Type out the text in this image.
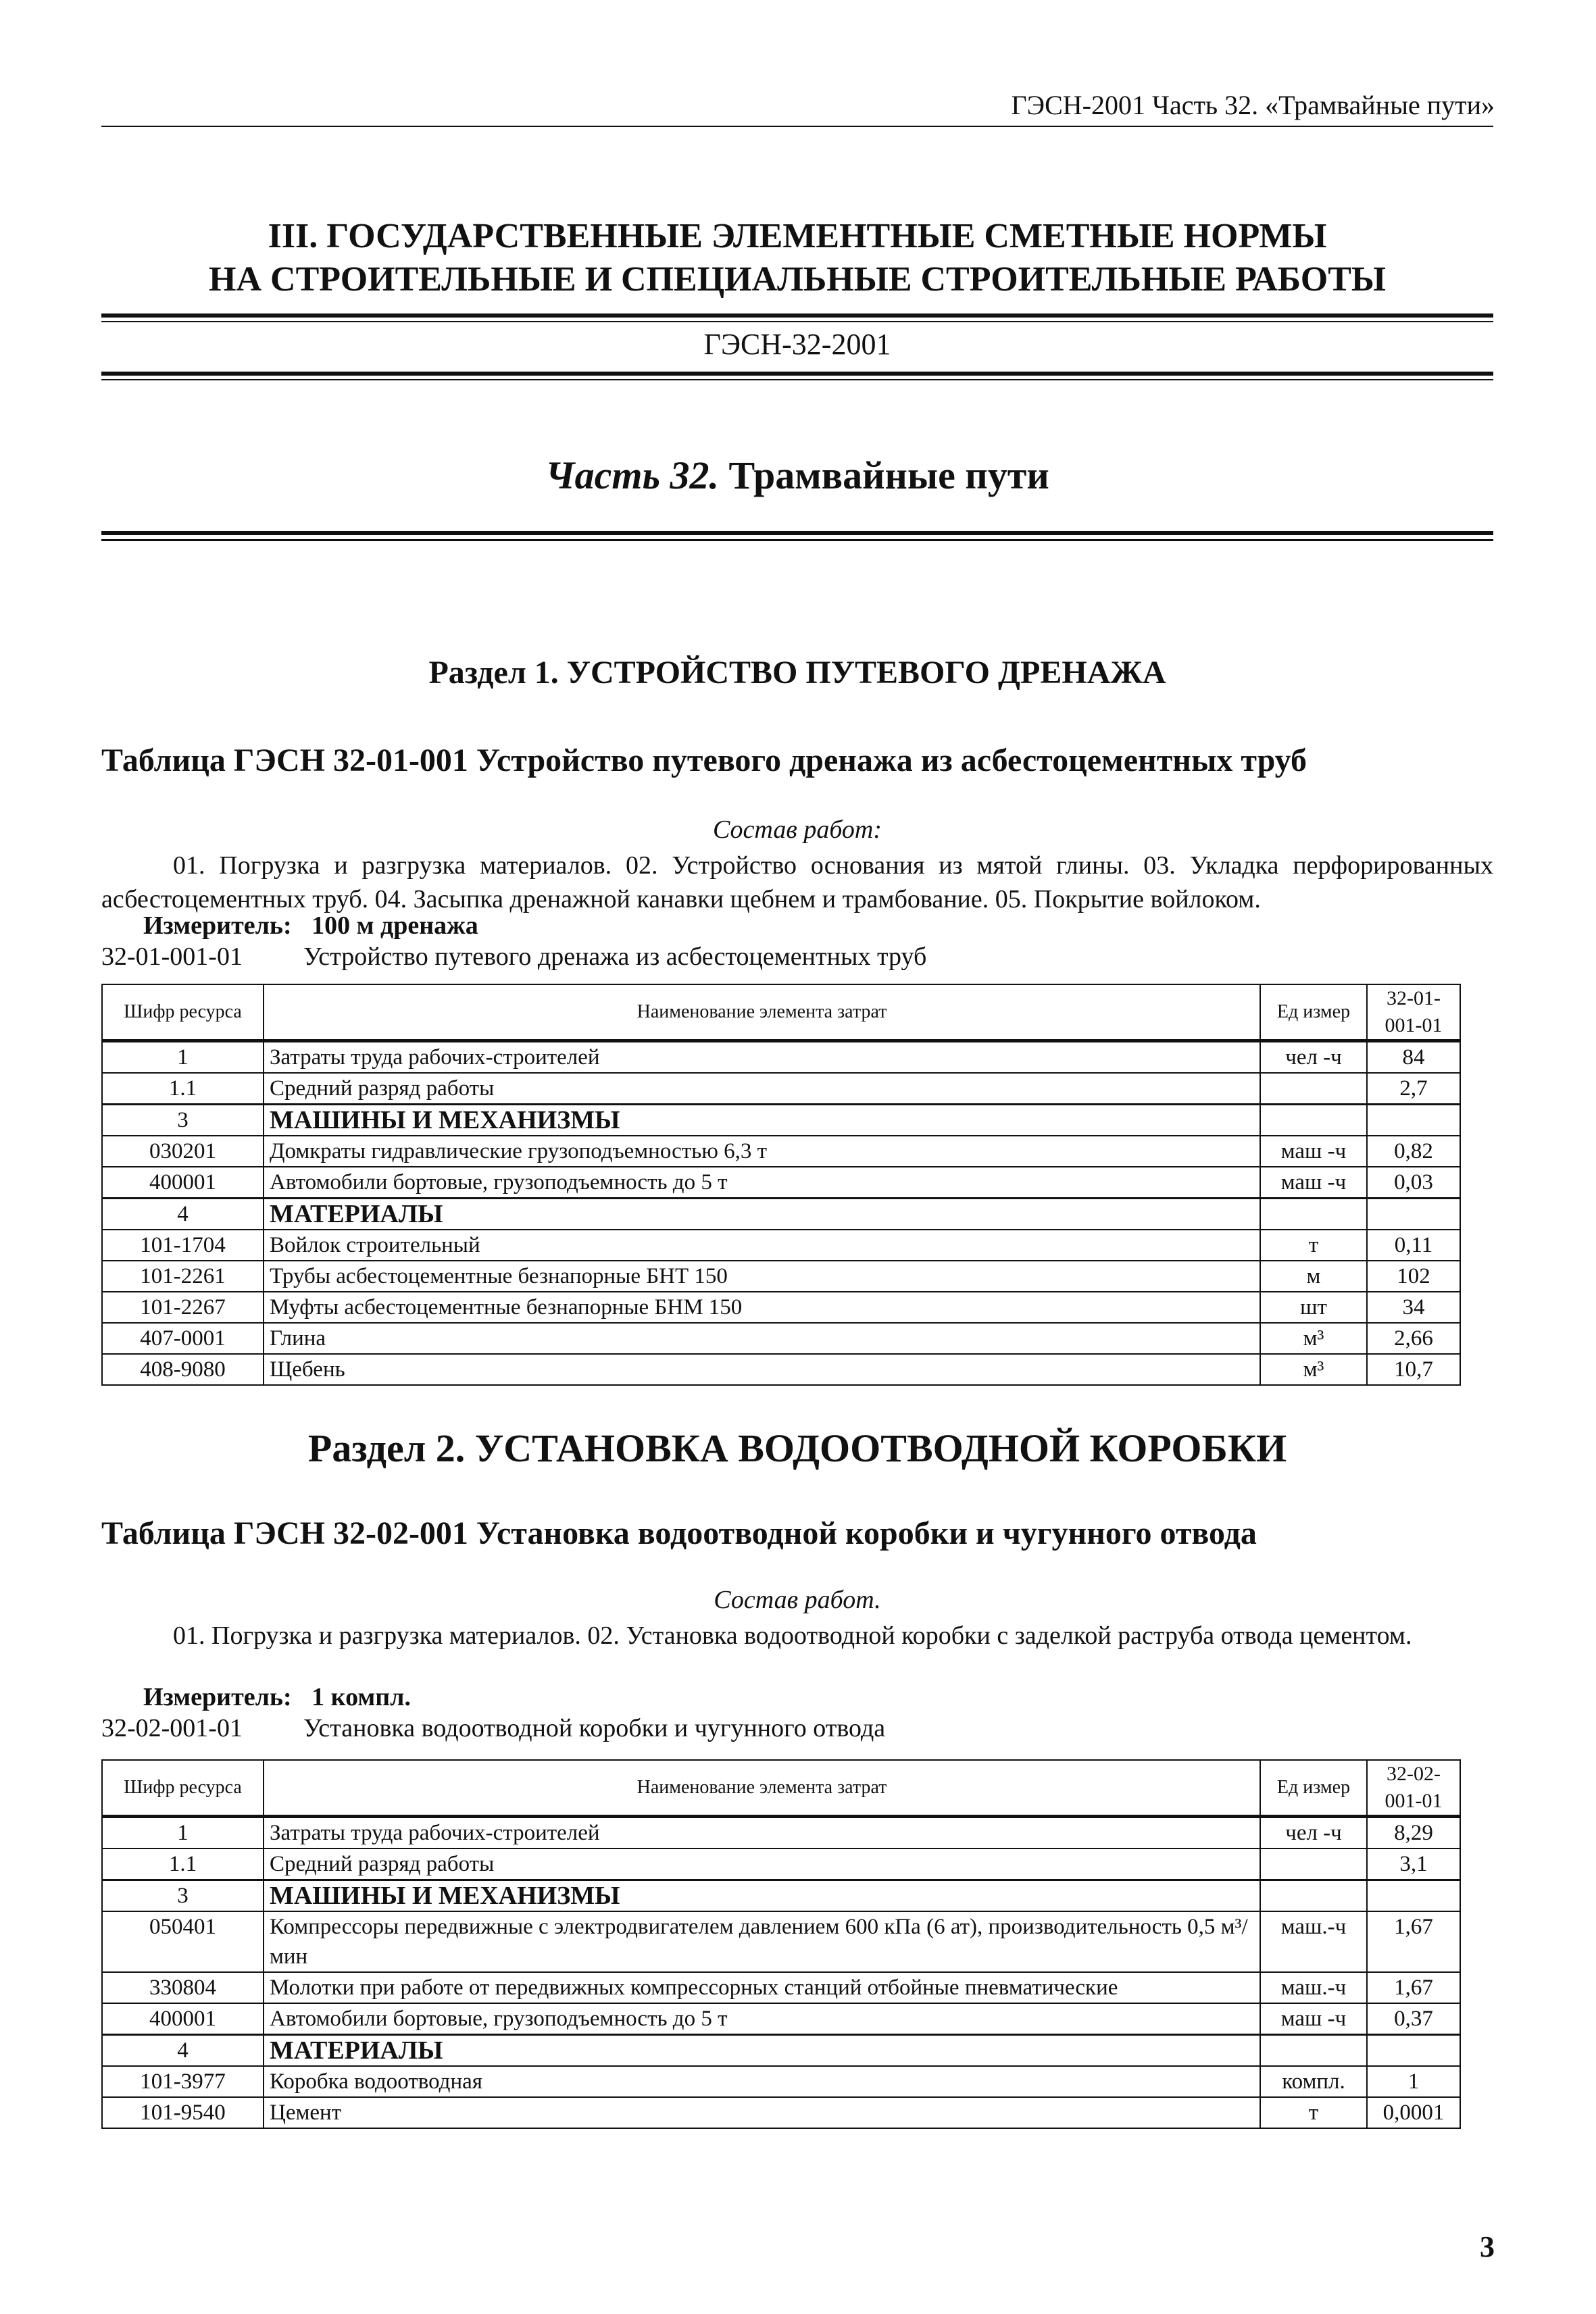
ГЭСН-2001 Часть 32. «Трамвайные пути»
III. ГОСУДАРСТВЕННЫЕ ЭЛЕМЕНТНЫЕ СМЕТНЫЕ НОРМЫ
НА СТРОИТЕЛЬНЫЕ И СПЕЦИАЛЬНЫЕ СТРОИТЕЛЬНЫЕ РАБОТЫ
ГЭСН-32-2001
Часть 32. Трамвайные пути
Раздел 1. УСТРОЙСТВО ПУТЕВОГО ДРЕНАЖА
Таблица ГЭСН 32-01-001 Устройство путевого дренажа из асбестоцементных труб
Состав работ:
01. Погрузка и разгрузка материалов. 02. Устройство основания из мятой глины. 03. Укладка перфорированных асбестоцементных труб. 04. Засыпка дренажной канавки щебнем и трамбование. 05. Покрытие войлоком.
Измеритель: 100 м дренажа
32-01-001-01 Устройство путевого дренажа из асбестоцементных труб
Шифр ресурса	Наименование элемента затрат	Ед измер	32-01-001-01
1	Затраты труда рабочих-строителей	чел -ч	84
1.1	Средний разряд работы		2,7
3	МАШИНЫ И МЕХАНИЗМЫ		
030201	Домкраты гидравлические грузоподъемностью 6,3 т	маш -ч	0,82
400001	Автомобили бортовые, грузоподъемность до 5 т	маш -ч	0,03
4	МАТЕРИАЛЫ		
101-1704	Войлок строительный	т	0,11
101-2261	Трубы асбестоцементные безнапорные БНТ 150	м	102
101-2267	Муфты асбестоцементные безнапорные БНМ 150	шт	34
407-0001	Глина	м³	2,66
408-9080	Щебень	м³	10,7
Раздел 2. УСТАНОВКА ВОДООТВОДНОЙ КОРОБКИ
Таблица ГЭСН 32-02-001 Установка водоотводной коробки и чугунного отвода
Состав работ.
01. Погрузка и разгрузка материалов. 02. Установка водоотводной коробки с заделкой раструба отвода цементом.
Измеритель: 1 компл.
32-02-001-01 Установка водоотводной коробки и чугунного отвода
Шифр ресурса	Наименование элемента затрат	Ед измер	32-02-001-01
1	Затраты труда рабочих-строителей	чел -ч	8,29
1.1	Средний разряд работы		3,1
3	МАШИНЫ И МЕХАНИЗМЫ		
050401	Компрессоры передвижные с электродвигателем давлением 600 кПа (6 ат), производительность 0,5 м³/мин	маш.-ч	1,67
330804	Молотки при работе от передвижных компрессорных станций отбойные пневматические	маш.-ч	1,67
400001	Автомобили бортовые, грузоподъемность до 5 т	маш -ч	0,37
4	МАТЕРИАЛЫ		
101-3977	Коробка водоотводная	компл.	1
101-9540	Цемент	т	0,0001
3
